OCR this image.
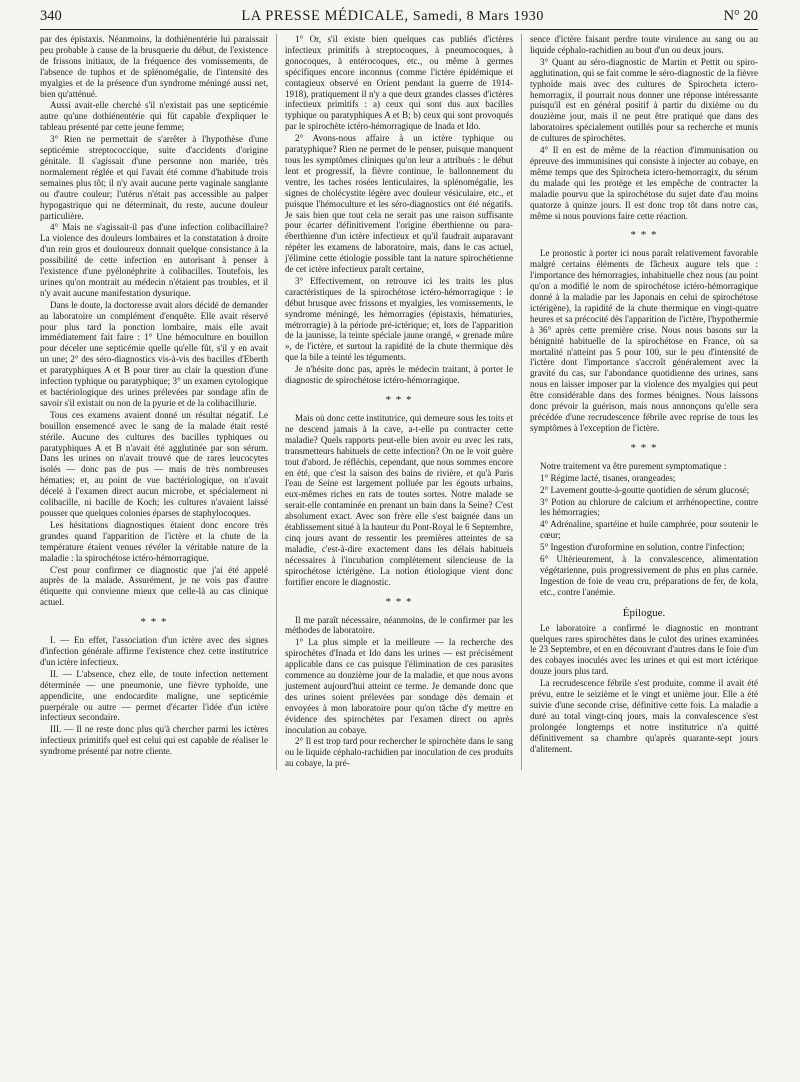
340	LA PRESSE MÉDICALE, Samedi, 8 Mars 1930	N° 20

par des épistaxis. Néanmoins, la dothiénentérie lui paraissait peu probable à cause de la brusquerie du début, de l'existence de frissons initiaux, de la fréquence des vomissements, de l'absence de tuphos et de splénomégalie, de l'intensité des myalgies et de la présence d'un syndrome méningé aussi net, bien qu'atténué.

Aussi avait-elle cherché s'il n'existait pas une septicémie autre qu'une dothiénentérie qui fût capable d'expliquer le tableau présenté par cette jeune femme;

3° Rien ne permettait de s'arrêter à l'hypothèse d'une septicémie streptococcique, suite d'accidents d'origine génitale. Il s'agissait d'une personne non mariée, très normalement réglée et qui l'avait été comme d'habitude trois semaines plus tôt; il n'y avait aucune perte vaginale sanglante ou d'autre couleur; l'utérus n'était pas accessible au palper hypogastrique qui ne déterminait, du reste, aucune douleur particulière.

4° Mais ne s'agissait-il pas d'une infection colibacillaire? La violence des douleurs lombaires et la constatation à droite d'un rein gros et douloureux donnait quelque consistance à la possibilité de cette infection en autorisant à penser à l'existence d'une pyélonéphrite à colibacilles. Toutefois, les urines qu'on montrait au médecin n'étaient pas troubles, et il n'y avait aucune manifestation dysurique.

Dans le doute, la doctoresse avait alors décidé de demander au laboratoire un complément d'enquête. Elle avait réservé pour plus tard la ponction lombaire, mais elle avait immédiatement fait faire : 1° Une hémoculture en bouillon pour déceler une septicémie quelle qu'elle fût, s'il y en avait un une; 2° des séro-diagnostics vis-à-vis des bacilles d'Eberth et paratyphiques A et B pour tirer au clair la question d'une infection typhique ou paratyphique; 3° un examen cytologique et bactériologique des urines prélevées par sondage afin de savoir s'il existait ou non de la pyurie et de la colibacillurie.

Tous ces examens avaient donné un résultat négatif. Le bouillon ensemencé avec le sang de la malade était resté stérile. Aucune des cultures des bacilles typhiques ou paratyphiques A et B n'avait été agglutinée par son sérum. Dans les urines on n'avait trouvé que de rares leucocytes isolés — donc pas de pus — mais de très nombreuses hématies; et, au point de vue bactériologique, on n'avait décelé à l'examen direct aucun microbe, et spécialement ni colibacille, ni bacille de Koch; les cultures n'avaient laissé pousser que quelques colonies éparses de staphylocoques.

Les hésitations diagnostiques étaient donc encore très grandes quand l'apparition de l'ictère et la chute de la température étaient venues révéler la véritable nature de la maladie : la spirochétose ictéro-hémorragique.

C'est pour confirmer ce diagnostic que j'ai été appelé auprès de la malade. Assurément, je ne vois pas d'autre étiquette qui convienne mieux que celle-là au cas clinique actuel.

* * *

I. — En effet, l'association d'un ictère avec des signes d'infection générale affirme l'existence chez cette institutrice d'un ictère infectieux.

II. — L'absence, chez elle, de toute infection nettement déterminée — une pneumonie, une fièvre typhoïde, une appendicite, une endocardite maligne, une septicémie puerpérale ou autre — permet d'écarter l'idée d'un ictère infectieux secondaire.

III. — Il ne reste donc plus qu'à chercher parmi les ictères infectieux primitifs quel est celui qui est capable de réaliser le syndrome présenté par notre cliente.

1° Or, s'il existe bien quelques cas publiés d'ictères infectieux primitifs à streptocoques, à pneumocoques, à gonocoques, à entérocoques, etc., ou même à germes spécifiques encore inconnus (comme l'ictère épidémique et contagieux observé en Orient pendant la guerre de 1914-1918), pratiquement il n'y a que deux grandes classes d'ictères infectieux primitifs : a) ceux qui sont dus aux bacilles typhique ou paratyphiques A et B; b) ceux qui sont provoqués par le spirochète ictéro-hémorragique de Inada et Ido.

2° Avons-nous affaire à un ictère typhique ou paratyphique? Rien ne permet de le penser, puisque manquent tous les symptômes cliniques qu'on leur a attribués : le début lent et progressif, la fièvre continue, le ballonnement du ventre, les taches rosées lenticulaires, la splénomégalie, les signes de cholécystite légère avec douleur vésiculaire, etc., et puisque l'hémoculture et les séro-diagnostics ont été négatifs. Je sais bien que tout cela ne serait pas une raison suffisante pour écarter définitivement l'origine éberthienne ou para-éberthienne d'un ictère infectieux et qu'il faudrait auparavant répéter les examens de laboratoire, mais, dans le cas actuel, j'élimine cette étiologie possible tant la nature spirochétienne de cet ictère infectieux paraît certaine,

3° Effectivement, on retrouve ici les traits les plus caractéristiques de la spirochétose ictéro-hémorragique : le début brusque avec frissons et myalgies, les vomissements, le syndrome méningé, les hémorragies (épistaxis, hématuries, métrorragie) à la période pré-ictérique; et, lors de l'apparition de la jaunisse, la teinte spéciale jaune orangé, « grenade mûre », de l'ictère, et surtout la rapidité de la chute thermique dès que la bile a teinté les téguments.

Je n'hésite donc pas, après le médecin traitant, à porter le diagnostic de spirochétose ictéro-hémorragique.

* * *

Mais où donc cette institutrice, qui demeure sous les toits et ne descend jamais à la cave, a-t-elle pu contracter cette maladie? Quels rapports peut-elle bien avoir eu avec les rats, transmetteurs habituels de cette infection? On ne le voit guère tout d'abord. Je réfléchis, cependant, que nous sommes encore en été, que c'est la saison des bains de rivière, et qu'à Paris l'eau de Seine est largement polluée par les égouts urbains, eux-mêmes riches en rats de toutes sortes. Notre malade se serait-elle contaminée en prenant un bain dans la Seine? C'est absolument exact. Avec son frère elle s'est baignée dans un établissement situé à la hauteur du Pont-Royal le 6 Septembre, cinq jours avant de ressentir les premières atteintes de sa maladie, c'est-à-dire exactement dans les délais habituels nécessaires à l'incubation complètement silencieuse de la spirochétose ictérigène. La notion étiologique vient donc fortifier encore le diagnostic.

* * *

Il me paraît nécessaire, néanmoins, de le confirmer par les méthodes de laboratoire.

1° La plus simple et la meilleure — la recherche des spirochètes d'Inada et Ido dans les urines — est précisément applicable dans ce cas puisque l'élimination de ces parasites commence au douzième jour de la maladie, et que nous avons justement aujourd'hui atteint ce terme. Je demande donc que des urines soient prélevées par sondage dès demain et envoyées à mon laboratoire pour qu'on tâche d'y mettre en évidence des spirochètes par l'examen direct ou après inoculation au cobaye.

2° Il est trop tard pour rechercher le spirochète dans le sang ou le liquide céphalo-rachidien par inoculation de ces produits au cobaye, la pré-

sence d'ictère faisant perdre toute virulence au sang ou au liquide céphalo-rachidien au bout d'un ou deux jours.

3° Quant au séro-diagnostic de Martin et Pettit ou spiro-agglutination, qui se fait comme le séro-diagnostic de la fièvre typhoïde mais avec des cultures de Spirocheta ictero-hemorragix, il pourrait nous donner une réponse intéressante puisqu'il est en général positif à partir du dixième ou du douzième jour, mais il ne peut être pratiqué que dans des laboratoires spécialement outillés pour sa recherche et munis de cultures de spirochètes.

4° Il en est de même de la réaction d'immunisation ou épreuve des immunisines qui consiste à injecter au cobaye, en même temps que des Spirocheta ictero-hemorragix, du sérum du malade qui les protège et les empêche de contracter la maladie pourvu que la spirochétose du sujet date d'au moins quatorze à quinze jours. Il est donc trop tôt dans notre cas, même si nous pouvions faire cette réaction.

* * *

Le pronostic à porter ici nous paraît relativement favorable malgré certains éléments de fâcheux augure tels que : l'importance des hémorragies, inhabituelle chez nous (au point qu'on a modifié le nom de spirochétose ictéro-hémorragique donné à la maladie par les Japonais en celui de spirochétose ictérigène), la rapidité de la chute thermique en vingt-quatre heures et sa précocité dès l'apparition de l'ictère, l'hypothermie à 36° après cette première crise. Nous nous basons sur la bénignité habituelle de la spirochétose en France, où sa mortalité n'atteint pas 5 pour 100, sur le peu d'intensité de l'ictère dont l'importance s'accroît généralement avec la gravité du cas, sur l'abondance quotidienne des urines, sans nous en laisser imposer par la violence des myalgies qui peut être considérable dans des formes bénignes. Nous laissons donc prévoir la guérison, mais nous annonçons qu'elle sera précédée d'une recrudescence fébrile avec reprise de tous les symptômes à l'exception de l'ictère.

* * *

Notre traitement va être purement symptomatique :

1° Régime lacté, tisanes, orangeades;

2° Lavement goutte-à-goutte quotidien de sérum glucosé;

3° Potion au chlorure de calcium et arrhénopectine, contre les hémorragies;

4° Adrénaline, spartéine et huile camphrée, pour soutenir le cœur;

5° Ingestion d'uroformine en solution, contre l'infection;

6° Ultérieurement, à la convalescence, alimentation végétarienne, puis progressivement de plus en plus carnée. Ingestion de foie de veau cru, préparations de fer, de kola, etc., contre l'anémie.

Épilogue.

Le laboratoire a confirmé le diagnostic en montrant quelques rares spirochètes dans le culot des urines examinées le 23 Septembre, et en en découvrant d'autres dans le foie d'un des cobayes inoculés avec les urines et qui est mort ictérique douze jours plus tard.

La recrudescence fébrile s'est produite, comme il avait été prévu, entre le seizième et le vingt et unième jour. Elle a été suivie d'une seconde crise, définitive cette fois. La maladie a duré au total vingt-cinq jours, mais la convalescence s'est prolongée longtemps et notre institutrice n'a quitté définitivement sa chambre qu'après quarante-sept jours d'alitement.
